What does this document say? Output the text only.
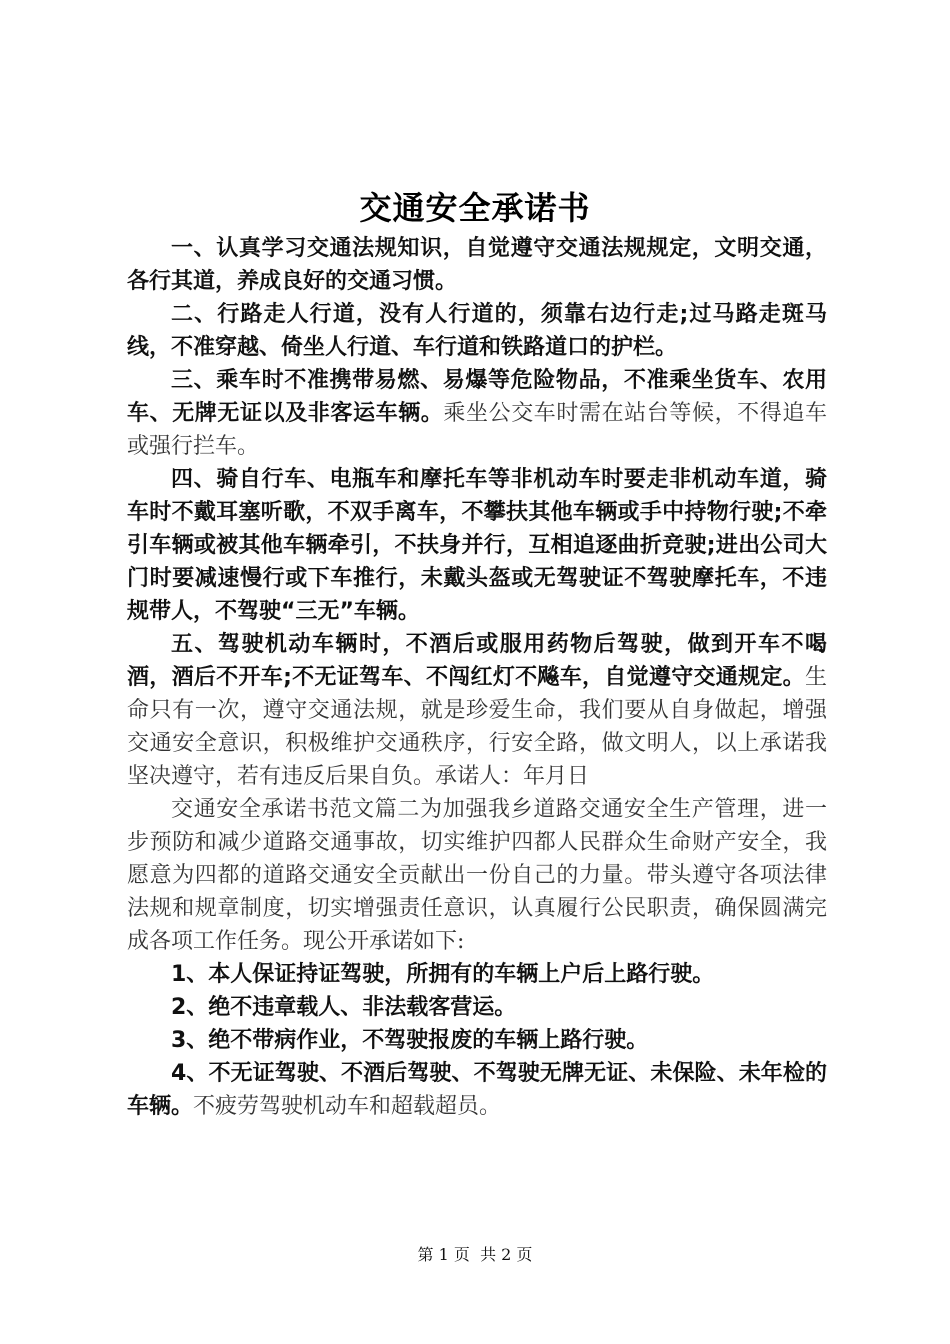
交通安全承诺书

一、认真学习交通法规知识，自觉遵守交通法规规定，文明交通，各行其道，养成良好的交通习惯。

二、行路走人行道，没有人行道的，须靠右边行走;过马路走斑马线，不准穿越、倚坐人行道、车行道和铁路道口的护栏。

三、乘车时不准携带易燃、易爆等危险物品，不准乘坐货车、农用车、无牌无证以及非客运车辆。乘坐公交车时需在站台等候，不得追车或强行拦车。

四、骑自行车、电瓶车和摩托车等非机动车时要走非机动车道，骑车时不戴耳塞听歌，不双手离车，不攀扶其他车辆或手中持物行驶;不牵引车辆或被其他车辆牵引，不扶身并行，互相追逐曲折竞驶;进出公司大门时要减速慢行或下车推行，未戴头盔或无驾驶证不驾驶摩托车，不违规带人，不驾驶“三无”车辆。

五、驾驶机动车辆时，不酒后或服用药物后驾驶，做到开车不喝酒，酒后不开车;不无证驾车、不闯红灯不飚车，自觉遵守交通规定。生命只有一次，遵守交通法规，就是珍爱生命，我们要从自身做起，增强交通安全意识，积极维护交通秩序，行安全路，做文明人，以上承诺我坚决遵守，若有违反后果自负。承诺人：年月日

交通安全承诺书范文篇二为加强我乡道路交通安全生产管理，进一步预防和减少道路交通事故，切实维护四都人民群众生命财产安全，我愿意为四都的道路交通安全贡献出一份自己的力量。带头遵守各项法律法规和规章制度，切实增强责任意识，认真履行公民职责，确保圆满完成各项工作任务。现公开承诺如下:

1、本人保证持证驾驶，所拥有的车辆上户后上路行驶。

2、绝不违章载人、非法载客营运。

3、绝不带病作业，不驾驶报废的车辆上路行驶。

4、不无证驾驶、不酒后驾驶、不驾驶无牌无证、未保险、未年检的车辆。不疲劳驾驶机动车和超载超员。

第 1 页  共 2 页
